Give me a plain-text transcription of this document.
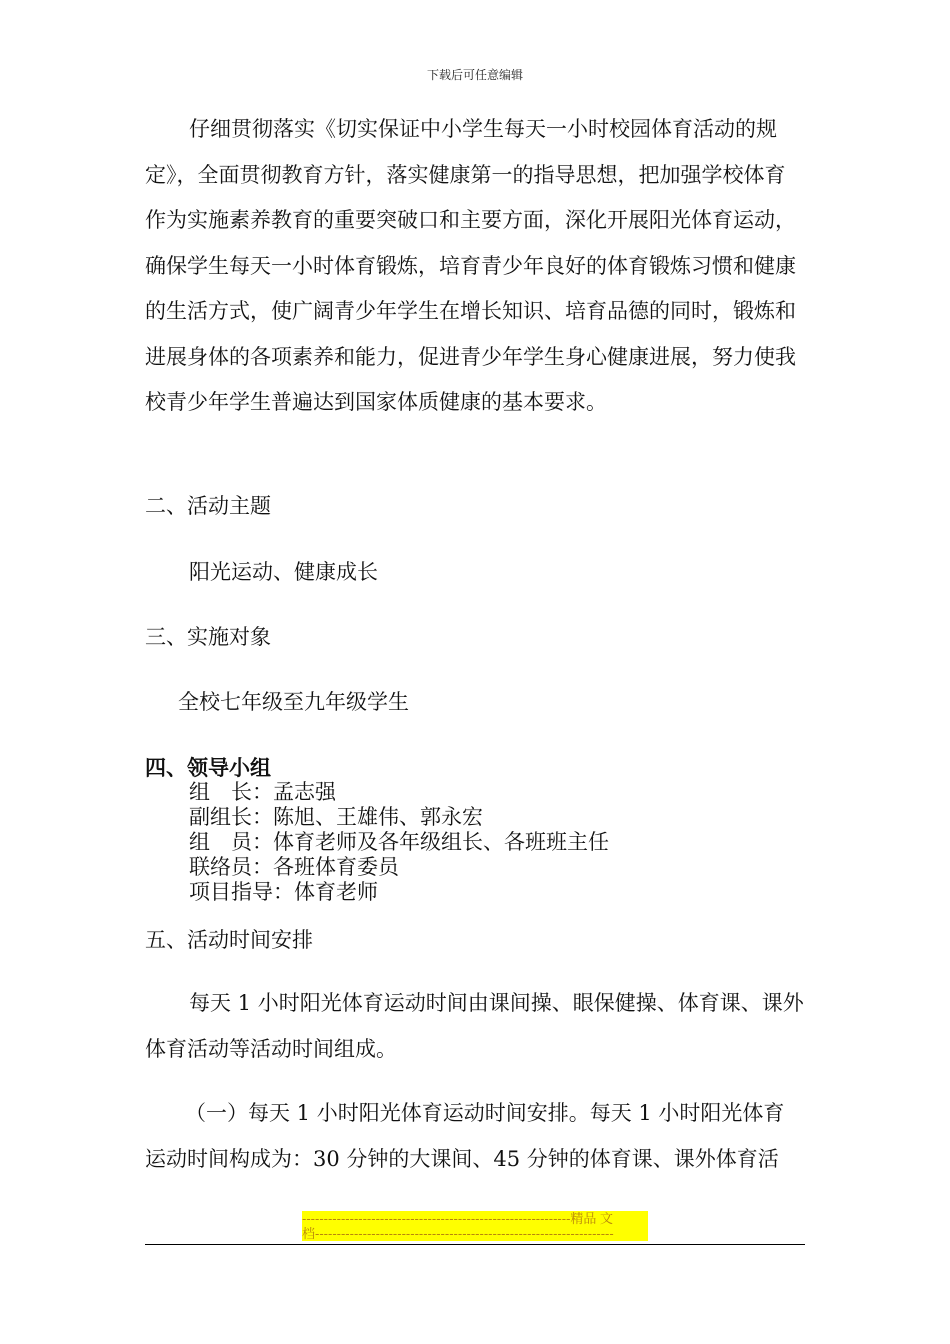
下载后可任意编辑

仔细贯彻落实《切实保证中小学生每天一小时校园体育活动的规定》，全面贯彻教育方针，落实健康第一的指导思想，把加强学校体育作为实施素养教育的重要突破口和主要方面，深化开展阳光体育运动，确保学生每天一小时体育锻炼，培育青少年良好的体育锻炼习惯和健康的生活方式，使广阔青少年学生在增长知识、培育品德的同时，锻炼和进展身体的各项素养和能力，促进青少年学生身心健康进展，努力使我校青少年学生普遍达到国家体质健康的基本要求。

二、活动主题
阳光运动、健康成长
三、实施对象
全校七年级至九年级学生
四、领导小组
组　长：孟志强
副组长：陈旭、王雄伟、郭永宏
组　员：体育老师及各年级组长、各班班主任
联络员：各班体育委员
项目指导：体育老师
五、活动时间安排

每天 1 小时阳光体育运动时间由课间操、眼保健操、体育课、课外体育活动等活动时间组成。

（一）每天 1 小时阳光体育运动时间安排。每天 1 小时阳光体育运动时间构成为：30 分钟的大课间、45 分钟的体育课、课外体育活

--------------------------------------------------------------精品 文
档---------------------------------------------------------------------
